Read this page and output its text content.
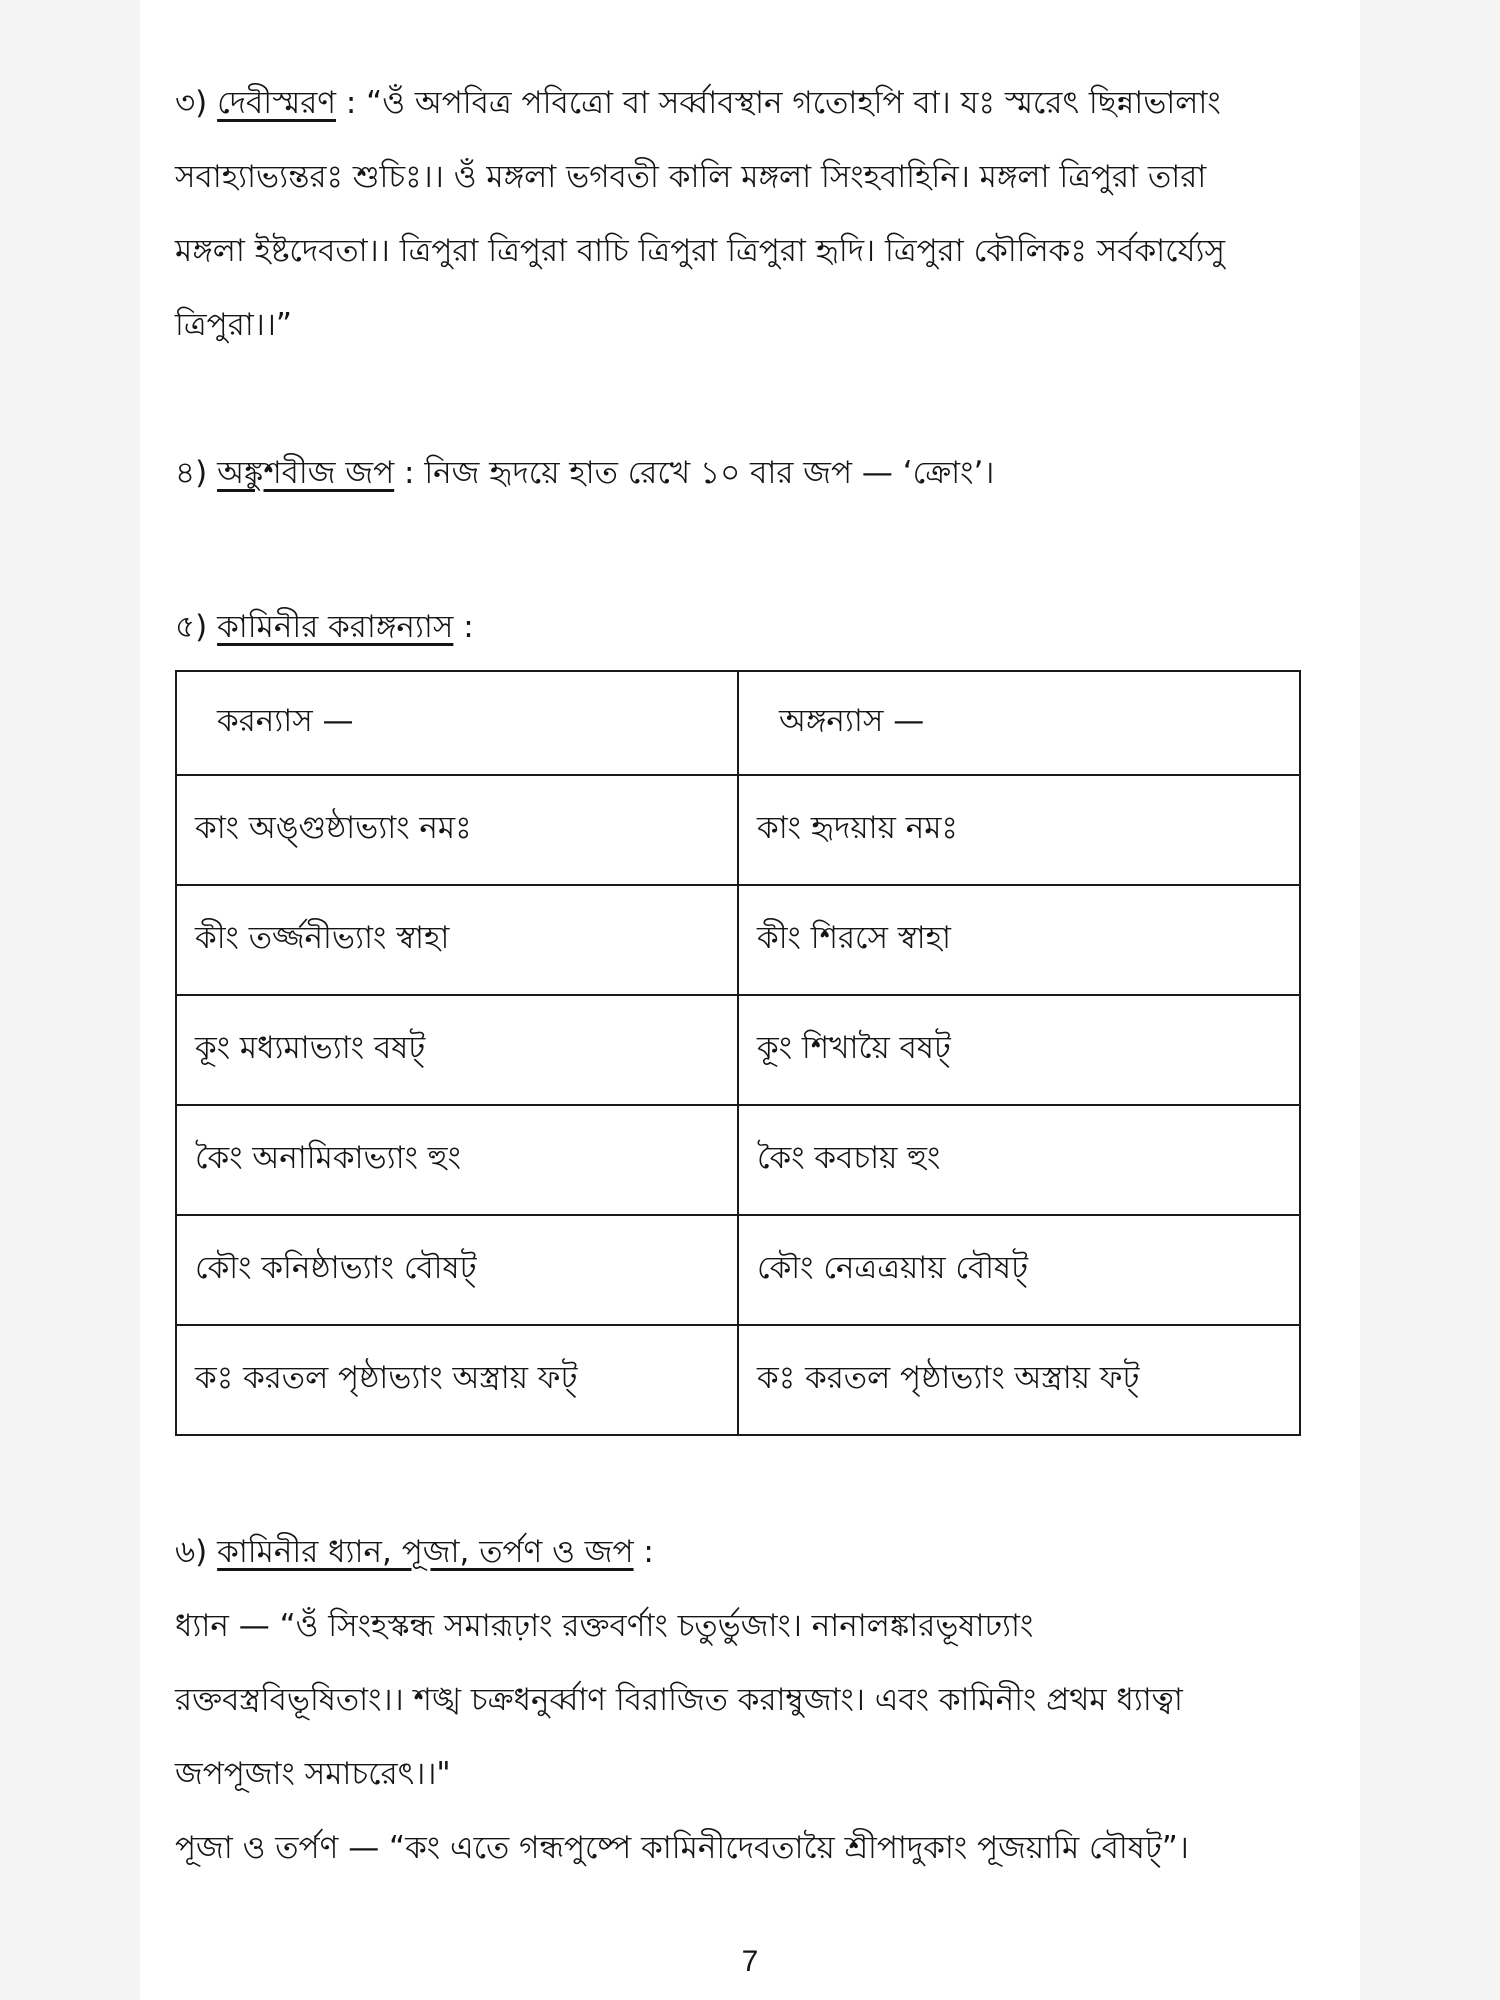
৩) দেবীস্মরণ : “ওঁ অপবিত্র পবিত্রো বা সর্ব্বাবস্থান গতোহপি বা। যঃ স্মরেৎ ছিন্নাভালাং
সবাহ্যাভ্যন্তরঃ শুচিঃ।। ওঁ মঙ্গলা ভগবতী কালি মঙ্গলা সিংহবাহিনি। মঙ্গলা ত্রিপুরা তারা
মঙ্গলা ইষ্টদেবতা।। ত্রিপুরা ত্রিপুরা বাচি ত্রিপুরা ত্রিপুরা হৃদি। ত্রিপুরা কৌলিকঃ সর্বকার্য্যেসু
ত্রিপুরা।।”
৪) অঙ্কুশবীজ জপ : নিজ হৃদয়ে হাত রেখে ১০ বার জপ — ‘ক্রোং’।
৫) কামিনীর করাঙ্গন্যাস :
করন্যাস —	অঙ্গন্যাস —
কাং অঙ্গুষ্ঠাভ্যাং নমঃ	কাং হৃদয়ায় নমঃ
কীং তর্জ্জনীভ্যাং স্বাহা	কীং শিরসে স্বাহা
কূং মধ্যমাভ্যাং বষট্	কূং শিখায়ৈ বষট্
কৈং অনামিকাভ্যাং হুং	কৈং কবচায় হুং
কৌং কনিষ্ঠাভ্যাং বৌষট্	কৌং নেত্রত্রয়ায় বৌষট্
কঃ করতল পৃষ্ঠাভ্যাং অস্ত্রায় ফট্	কঃ করতল পৃষ্ঠাভ্যাং অস্ত্রায় ফট্
৬) কামিনীর ধ্যান, পূজা, তর্পণ ও জপ :
ধ্যান — “ওঁ সিংহস্কন্ধ সমারূঢ়াং রক্তবর্ণাং চতুর্ভুজাং। নানালঙ্কারভূষাঢ্যাং
রক্তবস্ত্রবিভূষিতাং।। শঙ্খ চক্রধনুর্ব্বাণ বিরাজিত করাম্বুজাং। এবং কামিনীং প্রথম ধ্যাত্বা
জপপূজাং সমাচরেৎ।।"
পূজা ও তর্পণ — “কং এতে গন্ধপুষ্পে কামিনীদেবতায়ৈ শ্রীপাদুকাং পূজয়ামি বৌষট্”।
7
